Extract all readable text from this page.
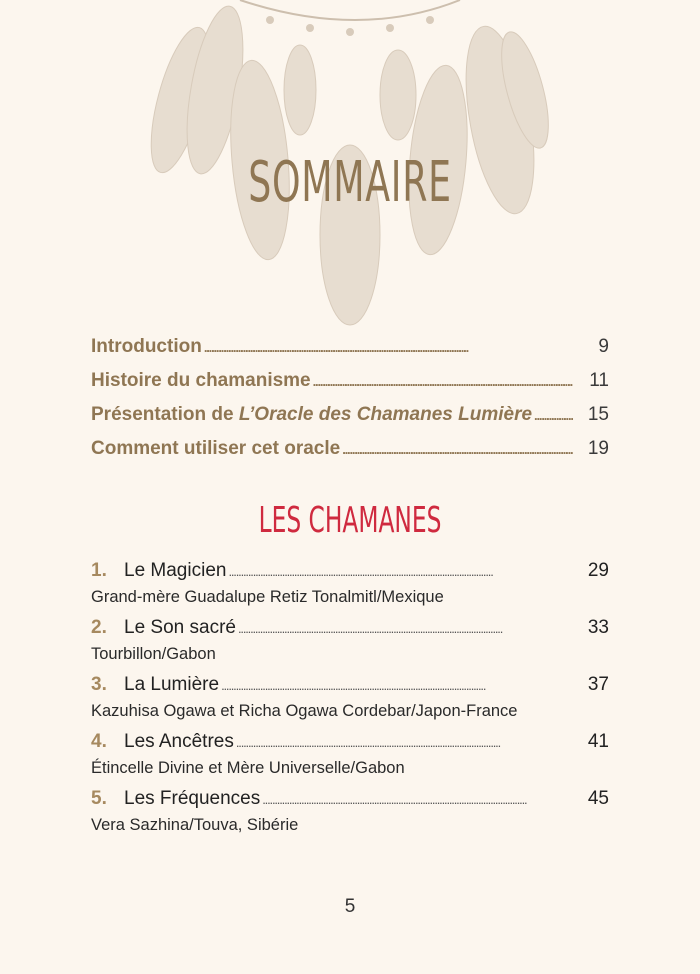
SOMMAIRE
Introduction . . .	9
Histoire du chamanisme . . .	11
Présentation de L’Oracle des Chamanes Lumière . . .	15
Comment utiliser cet oracle . . .	19
LES CHAMANES
1. Le Magicien . . .	29
Grand-mère Guadalupe Retiz Tonalmitl/Mexique
2. Le Son sacré . . .	33
Tourbillon/Gabon
3. La Lumière . . .	37
Kazuhisa Ogawa et Richa Ogawa Cordebar/Japon-France
4. Les Ancêtres . . .	41
Étincelle Divine et Mère Universelle/Gabon
5. Les Fréquences . . .	45
Vera Sazhina/Touva, Sibérie
5
